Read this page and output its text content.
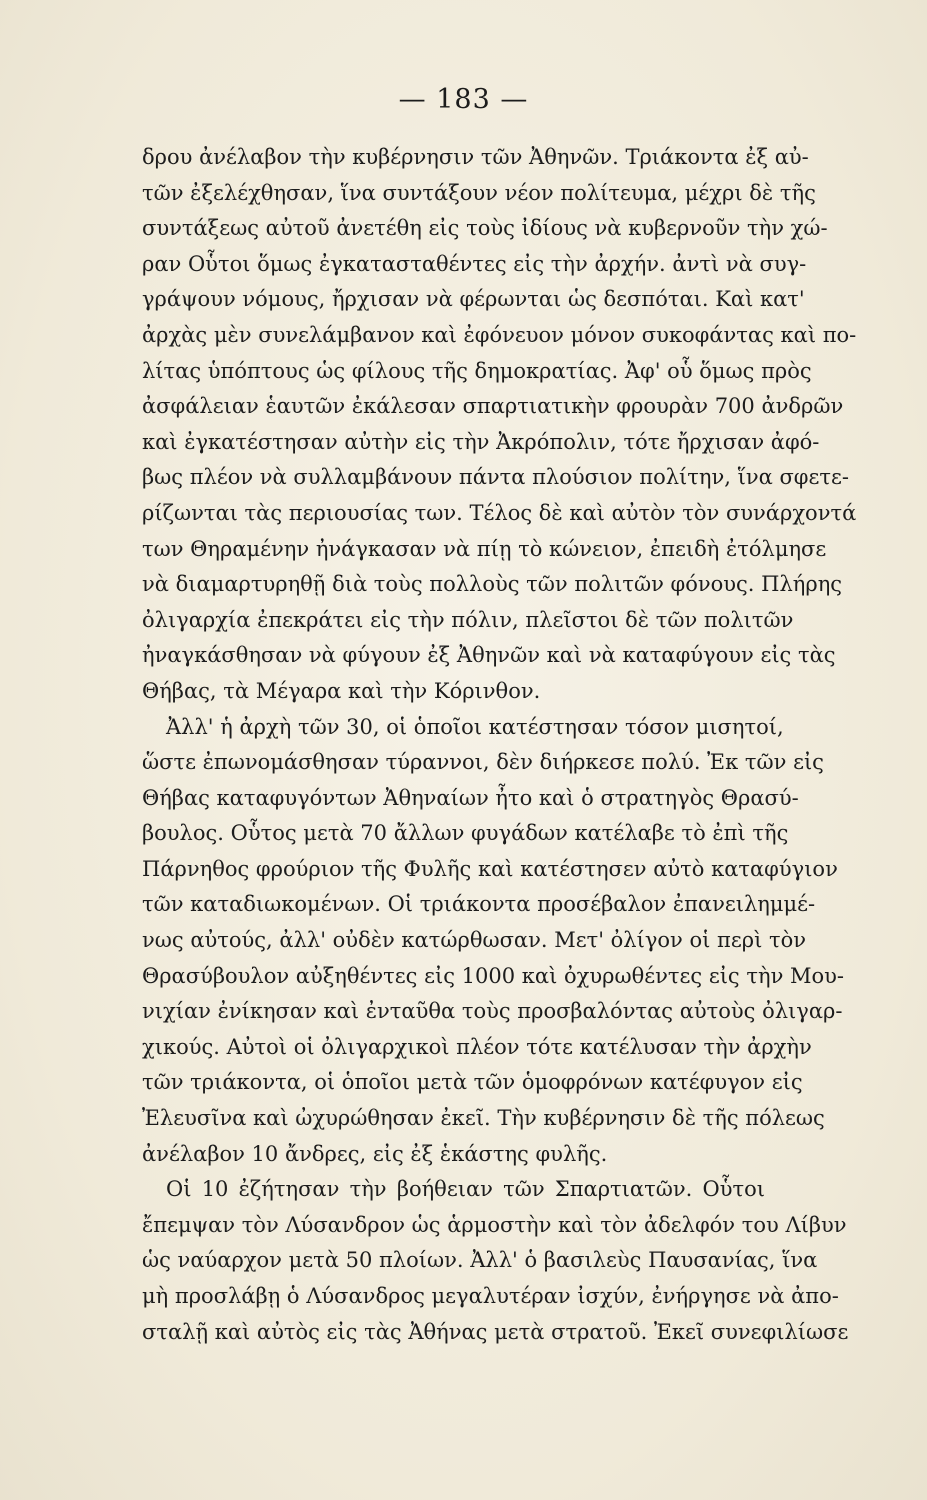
— 183 —
δρου ἀνέλαβον τὴν κυβέρνησιν τῶν Ἀθηνῶν. Τριάκοντα ἐξ αὐ-
τῶν ἐξελέχθησαν, ἵνα συντάξουν νέον πολίτευμα, μέχρι δὲ τῆς
συντάξεως αὐτοῦ ἀνετέθη εἰς τοὺς ἰδίους νὰ κυβερνοῦν τὴν χώ-
ραν Οὗτοι ὅμως ἐγκατασταθέντες εἰς τὴν ἀρχήν. ἀντὶ νὰ συγ-
γράψουν νόμους, ἤρχισαν νὰ φέρωνται ὡς δεσπόται. Καὶ κατ'
ἀρχὰς μὲν συνελάμβανον καὶ ἐφόνευον μόνον συκοφάντας καὶ πο-
λίτας ὑπόπτους ὡς φίλους τῆς δημοκρατίας. Ἀφ' οὗ ὅμως πρὸς
ἀσφάλειαν ἑαυτῶν ἐκάλεσαν σπαρτιατικὴν φρουρὰν 700 ἀνδρῶν
καὶ ἐγκατέστησαν αὐτὴν εἰς τὴν Ἀκρόπολιν, τότε ἤρχισαν ἀφό-
βως πλέον νὰ συλλαμβάνουν πάντα πλούσιον πολίτην, ἵνα σφετε-
ρίζωνται τὰς περιουσίας των. Τέλος δὲ καὶ αὐτὸν τὸν συνάρχοντά
των Θηραμένην ἠνάγκασαν νὰ πίῃ τὸ κώνειον, ἐπειδὴ ἐτόλμησε
νὰ διαμαρτυρηθῇ διὰ τοὺς πολλοὺς τῶν πολιτῶν φόνους. Πλήρης
ὀλιγαρχία ἐπεκράτει εἰς τὴν πόλιν, πλεῖστοι δὲ τῶν πολιτῶν
ἠναγκάσθησαν νὰ φύγουν ἐξ Ἀθηνῶν καὶ νὰ καταφύγουν εἰς τὰς
Θήβας, τὰ Μέγαρα καὶ τὴν Κόρινθον.
Ἀλλ' ἡ ἀρχὴ τῶν 30, οἱ ὁποῖοι κατέστησαν τόσον μισητοί,
ὥστε ἐπωνομάσθησαν τύραννοι, δὲν διήρκεσε πολύ. Ἐκ τῶν εἰς
Θήβας καταφυγόντων Ἀθηναίων ἦτο καὶ ὁ στρατηγὸς Θρασύ-
βουλος. Οὗτος μετὰ 70 ἄλλων φυγάδων κατέλαβε τὸ ἐπὶ τῆς
Πάρνηθος φρούριον τῆς Φυλῆς καὶ κατέστησεν αὐτὸ καταφύγιον
τῶν καταδιωκομένων. Οἱ τριάκοντα προσέβαλον ἐπανειλημμέ-
νως αὐτούς, ἀλλ' οὐδὲν κατώρθωσαν. Μετ' ὀλίγον οἱ περὶ τὸν
Θρασύβουλον αὐξηθέντες εἰς 1000 καὶ ὀχυρωθέντες εἰς τὴν Μου-
νιχίαν ἐνίκησαν καὶ ἐνταῦθα τοὺς προσβαλόντας αὐτοὺς ὀλιγαρ-
χικούς. Αὐτοὶ οἱ ὀλιγαρχικοὶ πλέον τότε κατέλυσαν τὴν ἀρχὴν
τῶν τριάκοντα, οἱ ὁποῖοι μετὰ τῶν ὁμοφρόνων κατέφυγον εἰς
Ἐλευσῖνα καὶ ὠχυρώθησαν ἐκεῖ. Τὴν κυβέρνησιν δὲ τῆς πόλεως
ἀνέλαβον 10 ἄνδρες, εἰς ἐξ ἑκάστης φυλῆς.
Οἱ 10 ἐζήτησαν τὴν βοήθειαν τῶν Σπαρτιατῶν. Οὗτοι
ἔπεμψαν τὸν Λύσανδρον ὡς ἁρμοστὴν καὶ τὸν ἀδελφόν του Λίβυν
ὡς ναύαρχον μετὰ 50 πλοίων. Ἀλλ' ὁ βασιλεὺς Παυσανίας, ἵνα
μὴ προσλάβῃ ὁ Λύσανδρος μεγαλυτέραν ἰσχύν, ἐνήργησε νὰ ἀπο-
σταλῇ καὶ αὐτὸς εἰς τὰς Ἀθήνας μετὰ στρατοῦ. Ἐκεῖ συνεφιλίωσε
